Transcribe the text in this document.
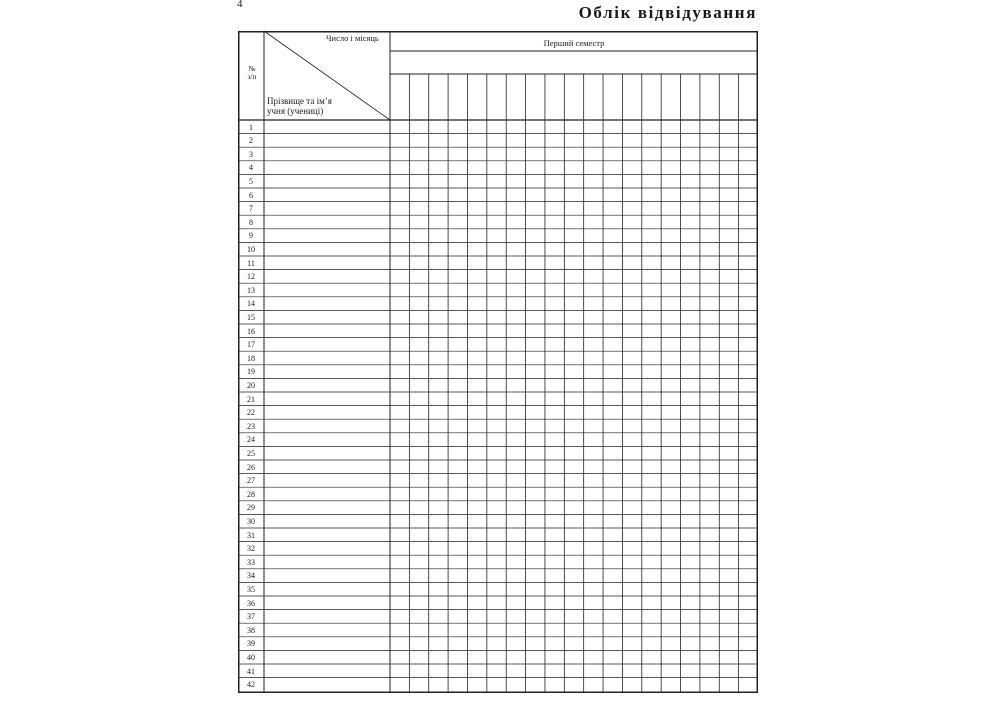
4	Облік відвідування
№
з/п
Число і місяць
Прізвище та ім’я
учня (учениці)
Перший семестр
1
2
3
4
5
6
7
8
9
10
11
12
13
14
15
16
17
18
19
20
21
22
23
24
25
26
27
28
29
30
31
32
33
34
35
36
37
38
39
40
41
42
